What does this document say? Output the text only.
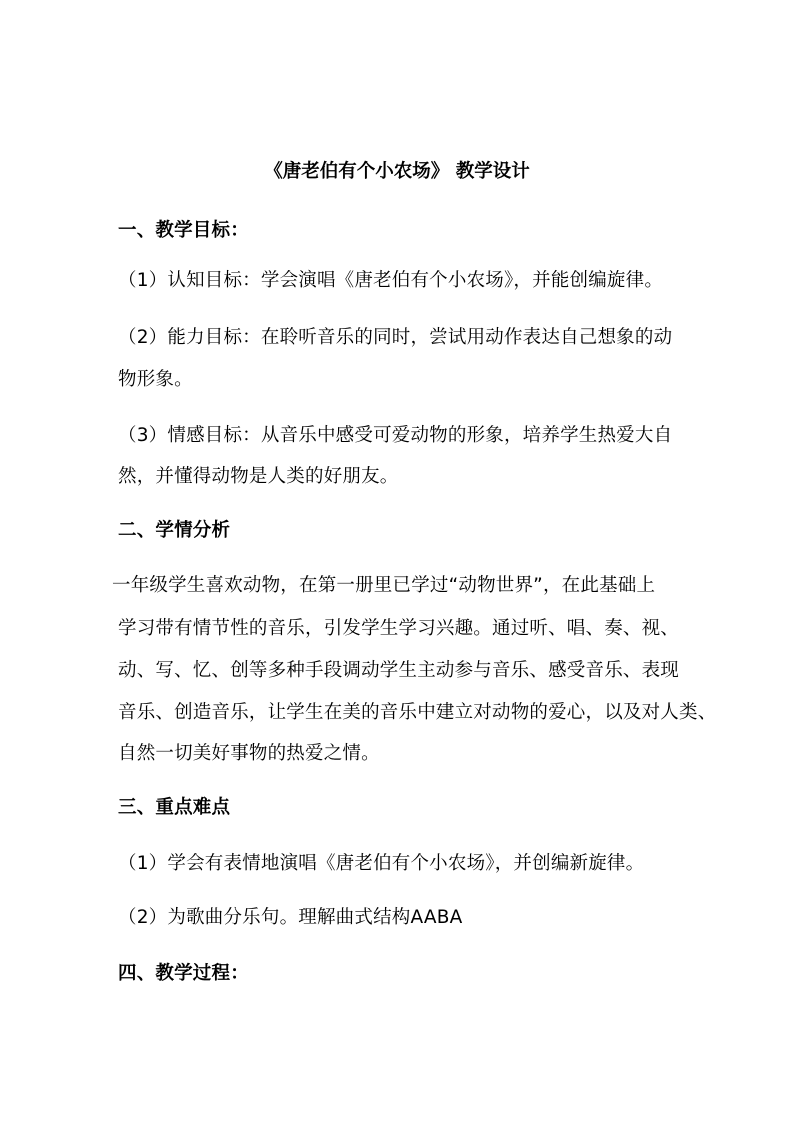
《唐老伯有个小农场》 教学设计
一、教学目标：
（1）认知目标：学会演唱《唐老伯有个小农场》，并能创编旋律。
（2）能力目标：在聆听音乐的同时，尝试用动作表达自己想象的动
物形象。
（3）情感目标：从音乐中感受可爱动物的形象，培养学生热爱大自
然，并懂得动物是人类的好朋友。
二、学情分析
一年级学生喜欢动物，在第一册里已学过“动物世界”，在此基础上
学习带有情节性的音乐，引发学生学习兴趣。通过听、唱、奏、视、
动、写、忆、创等多种手段调动学生主动参与音乐、感受音乐、表现
音乐、创造音乐，让学生在美的音乐中建立对动物的爱心，以及对人类、
自然一切美好事物的热爱之情。
三、重点难点
（1）学会有表情地演唱《唐老伯有个小农场》，并创编新旋律。
（2）为歌曲分乐句。理解曲式结构AABA
四、教学过程：
